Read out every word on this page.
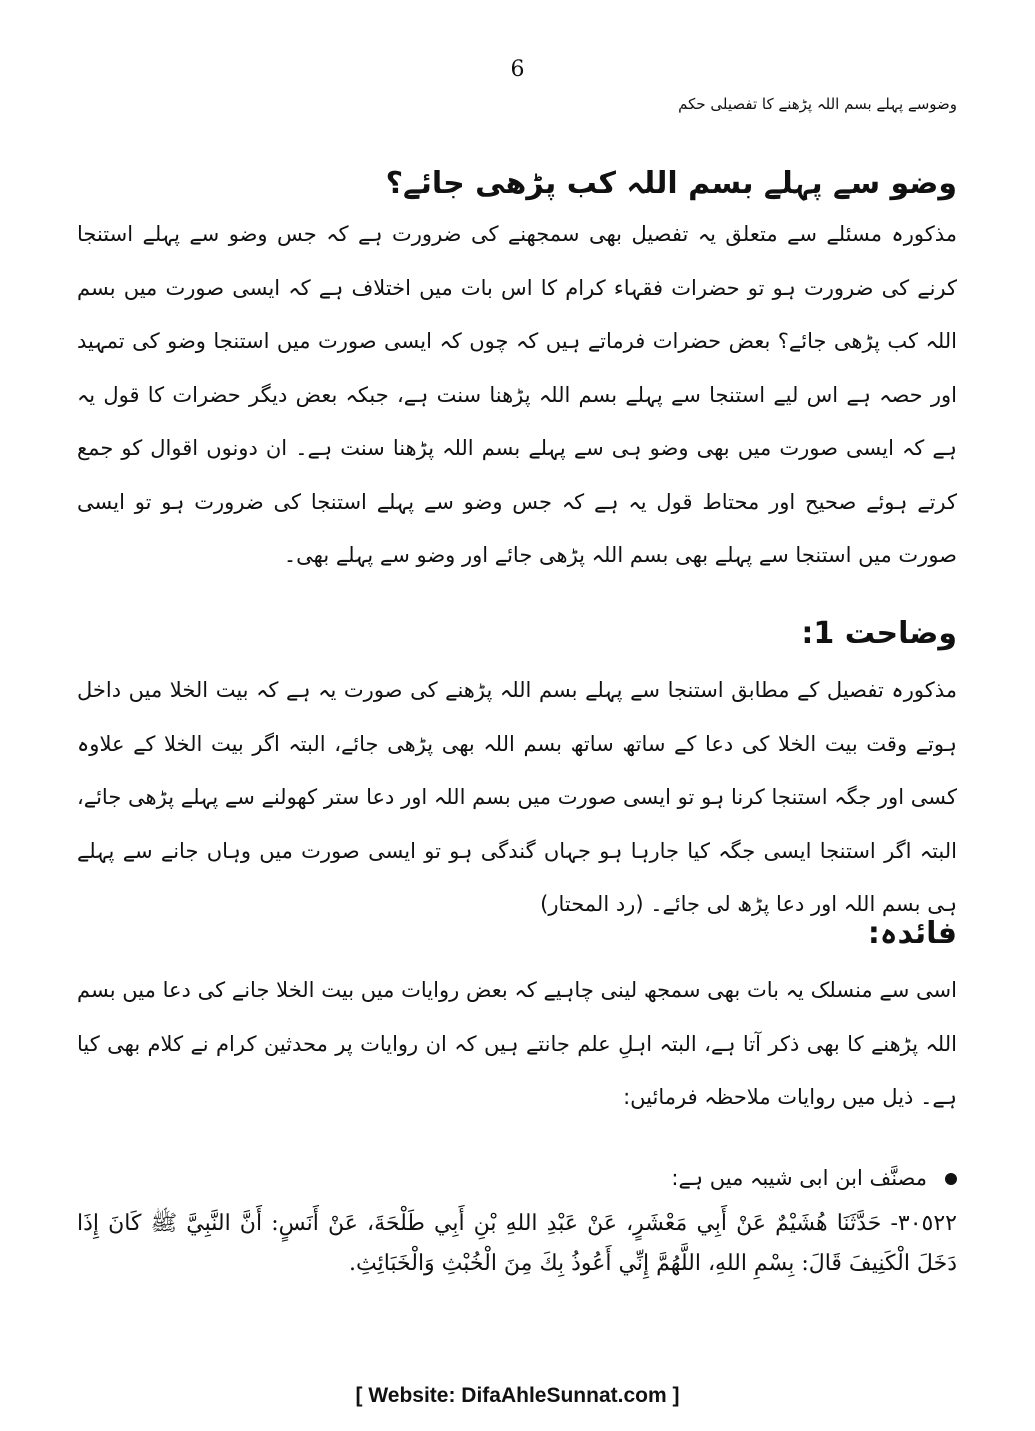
6
وضوسے پہلے بسم اللہ پڑھنے کا تفصیلی حکم
وضو سے پہلے بسم اللہ کب پڑھی جائے؟
مذکورہ مسئلے سے متعلق یہ تفصیل بھی سمجھنے کی ضرورت ہے کہ جس وضو سے پہلے استنجا کرنے کی ضرورت ہو تو حضرات فقہاء کرام کا اس بات میں اختلاف ہے کہ ایسی صورت میں بسم اللہ کب پڑھی جائے؟ بعض حضرات فرماتے ہیں کہ چوں کہ ایسی صورت میں استنجا وضو کی تمہید اور حصہ ہے اس لیے استنجا سے پہلے بسم اللہ پڑھنا سنت ہے، جبکہ بعض دیگر حضرات کا قول یہ ہے کہ ایسی صورت میں بھی وضو ہی سے پہلے بسم اللہ پڑھنا سنت ہے۔ ان دونوں اقوال کو جمع کرتے ہوئے صحیح اور محتاط قول یہ ہے کہ جس وضو سے پہلے استنجا کی ضرورت ہو تو ایسی صورت میں استنجا سے پہلے بھی بسم اللہ پڑھی جائے اور وضو سے پہلے بھی۔
وضاحت 1:
مذکورہ تفصیل کے مطابق استنجا سے پہلے بسم اللہ پڑھنے کی صورت یہ ہے کہ بیت الخلا میں داخل ہوتے وقت بیت الخلا کی دعا کے ساتھ ساتھ بسم اللہ بھی پڑھی جائے، البتہ اگر بیت الخلا کے علاوہ کسی اور جگہ استنجا کرنا ہو تو ایسی صورت میں بسم اللہ اور دعا ستر کھولنے سے پہلے پڑھی جائے، البتہ اگر استنجا ایسی جگہ کیا جارہا ہو جہاں گندگی ہو تو ایسی صورت میں وہاں جانے سے پہلے ہی بسم اللہ اور دعا پڑھ لی جائے۔ (رد المحتار)
فائدہ:
اسی سے منسلک یہ بات بھی سمجھ لینی چاہیے کہ بعض روایات میں بیت الخلا جانے کی دعا میں بسم اللہ پڑھنے کا بھی ذکر آتا ہے، البتہ اہلِ علم جانتے ہیں کہ ان روایات پر محدثین کرام نے کلام بھی کیا ہے۔ ذیل میں روایات ملاحظہ فرمائیں:
مصنَّف ابن ابی شیبہ میں ہے:
٣٠٥٢٢- حَدَّثَنَا هُشَيْمٌ عَنْ أَبِي مَعْشَرٍ، عَنْ عَبْدِ اللهِ بْنِ أَبِي طَلْحَةَ، عَنْ أَنَسٍ: أَنَّ النَّبِيَّ ﷺ كَانَ إِذَا دَخَلَ الْكَنِيفَ قَالَ: بِسْمِ اللهِ، اللَّهُمَّ إِنِّي أَعُوذُ بِكَ مِنَ الْخُبْثِ وَالْخَبَائِثِ.
[ Website: DifaAhleSunnat.com ]
